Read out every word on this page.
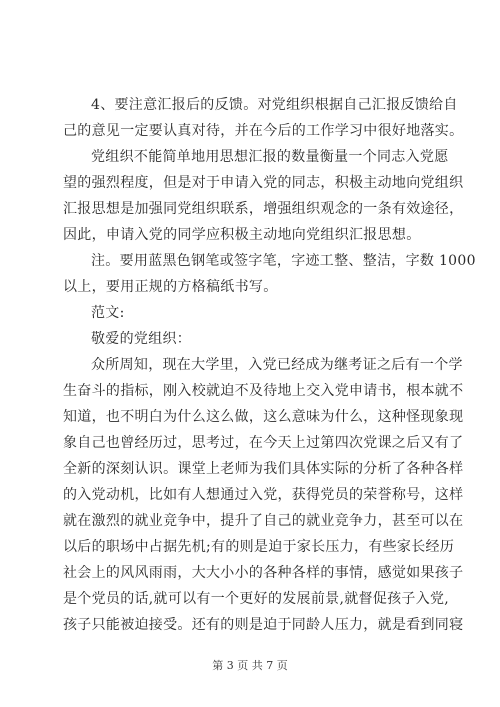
4、要注意汇报后的反馈。对党组织根据自己汇报反馈给自
己的意见一定要认真对待，并在今后的工作学习中很好地落实。
党组织不能简单地用思想汇报的数量衡量一个同志入党愿
望的强烈程度，但是对于申请入党的同志，积极主动地向党组织
汇报思想是加强同党组织联系，增强组织观念的一条有效途径，
因此，申请入党的同学应积极主动地向党组织汇报思想。
注。要用蓝黑色钢笔或签字笔，字迹工整、整洁，字数 1000
以上，要用正规的方格稿纸书写。
范文:
敬爱的党组织：
众所周知，现在大学里，入党已经成为继考证之后有一个学
生奋斗的指标，刚入校就迫不及待地上交入党申请书，根本就不
知道，也不明白为什么这么做，这么意味为什么，这种怪现象现
象自己也曾经历过，思考过，在今天上过第四次党课之后又有了
全新的深刻认识。课堂上老师为我们具体实际的分析了各种各样
的入党动机，比如有人想通过入党，获得党员的荣誉称号，这样
就在激烈的就业竞争中，提升了自己的就业竞争力，甚至可以在
以后的职场中占据先机;有的则是迫于家长压力，有些家长经历
社会上的风风雨雨，大大小小的各种各样的事情，感觉如果孩子
是个党员的话,就可以有一个更好的发展前景,就督促孩子入党,
孩子只能被迫接受。还有的则是迫于同龄人压力，就是看到同寝
第 3 页 共 7 页
